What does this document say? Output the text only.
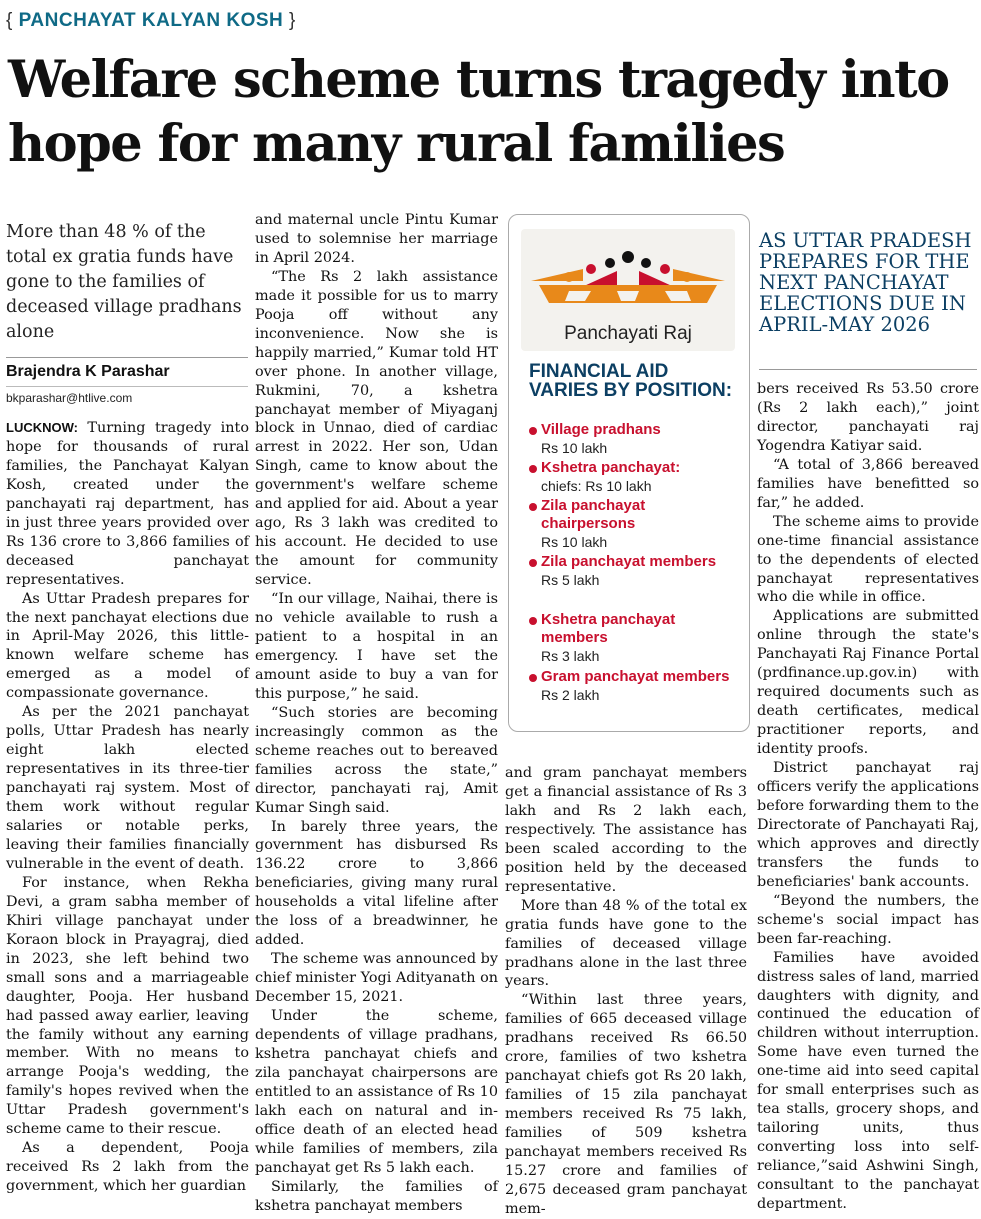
{ PANCHAYAT KALYAN KOSH }
Welfare scheme turns tragedy into hope for many rural families
More than 48 % of the total ex gratia funds have gone to the families of deceased village pradhans alone
Brajendra K Parashar
bkparashar@htlive.com

LUCKNOW: Turning tragedy into hope for thousands of rural families, the Panchayat Kalyan Kosh, created under the panchayati raj department, has in just three years provided over Rs 136 crore to 3,866 families of deceased panchayat representatives.

As Uttar Pradesh prepares for the next panchayat elections due in April-May 2026, this little-known welfare scheme has emerged as a model of compassionate governance.

As per the 2021 panchayat polls, Uttar Pradesh has nearly eight lakh elected representatives in its three-tier panchayati raj system. Most of them work without regular salaries or notable perks, leaving their families financially vulnerable in the event of death.

For instance, when Rekha Devi, a gram sabha member of Khiri village panchayat under Koraon block in Prayagraj, died in 2023, she left behind two small sons and a marriageable daughter, Pooja. Her husband had passed away earlier, leaving the family without any earning member. With no means to arrange Pooja's wedding, the family's hopes revived when the Uttar Pradesh government's scheme came to their rescue.

As a dependent, Pooja received Rs 2 lakh from the government, which her guardian

and maternal uncle Pintu Kumar used to solemnise her marriage in April 2024.

“The Rs 2 lakh assistance made it possible for us to marry Pooja off without any inconvenience. Now she is happily married,” Kumar told HT over phone. In another village, Rukmini, 70, a kshetra panchayat member of Miyaganj block in Unnao, died of cardiac arrest in 2022. Her son, Udan Singh, came to know about the government's welfare scheme and applied for aid. About a year ago, Rs 3 lakh was credited to his account. He decided to use the amount for community service.

“In our village, Naihai, there is no vehicle available to rush a patient to a hospital in an emergency. I have set the amount aside to buy a van for this purpose,” he said.

“Such stories are becoming increasingly common as the scheme reaches out to bereaved families across the state,” director, panchayati raj, Amit Kumar Singh said.

In barely three years, the government has disbursed Rs 136.22 crore to 3,866 beneficiaries, giving many rural households a vital lifeline after the loss of a breadwinner, he added.

The scheme was announced by chief minister Yogi Adityanath on December 15, 2021.

Under the scheme, dependents of village pradhans, kshetra panchayat chiefs and zila panchayat chairpersons are entitled to an assistance of Rs 10 lakh each on natural and in-office death of an elected head while families of members, zila panchayat get Rs 5 lakh each.

Similarly, the families of kshetra panchayat members

Panchayati Raj
FINANCIAL AID VARIES BY POSITION:
Village pradhans
Rs 10 lakh
Kshetra panchayat:
chiefs: Rs 10 lakh
Zila panchayat chairpersons
Rs 10 lakh
Zila panchayat members
Rs 5 lakh
Kshetra panchayat members
Rs 3 lakh
Gram panchayat members
Rs 2 lakh

and gram panchayat members get a financial assistance of Rs 3 lakh and Rs 2 lakh each, respectively. The assistance has been scaled according to the position held by the deceased representative.

More than 48 % of the total ex gratia funds have gone to the families of deceased village pradhans alone in the last three years.

“Within last three years, families of 665 deceased village pradhans received Rs 66.50 crore, families of two kshetra panchayat chiefs got Rs 20 lakh, families of 15 zila panchayat members received Rs 75 lakh, families of 509 kshetra panchayat members received Rs 15.27 crore and families of 2,675 deceased gram panchayat mem-

AS UTTAR PRADESH PREPARES FOR THE NEXT PANCHAYAT ELECTIONS DUE IN APRIL-MAY 2026

bers received Rs 53.50 crore (Rs 2 lakh each),” joint director, panchayati raj Yogendra Katiyar said.

“A total of 3,866 bereaved families have benefitted so far,” he added.

The scheme aims to provide one-time financial assistance to the dependents of elected panchayat representatives who die while in office.

Applications are submitted online through the state's Panchayati Raj Finance Portal (prdfinance.up.gov.in) with required documents such as death certificates, medical practitioner reports, and identity proofs.

District panchayat raj officers verify the applications before forwarding them to the Directorate of Panchayati Raj, which approves and directly transfers the funds to beneficiaries' bank accounts.

“Beyond the numbers, the scheme's social impact has been far-reaching.

Families have avoided distress sales of land, married daughters with dignity, and continued the education of children without interruption. Some have even turned the one-time aid into seed capital for small enterprises such as tea stalls, grocery shops, and tailoring units, thus converting loss into self-reliance,”said Ashwini Singh, consultant to the panchayat department.
